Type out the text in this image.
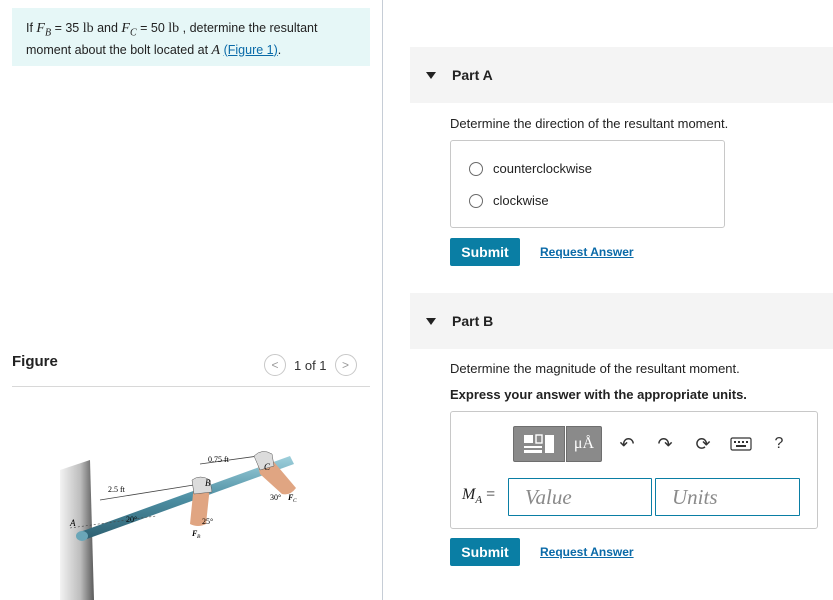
If $F_B = 35$ lb and $F_C = 50$ lb , determine the resultant moment about the bolt located at A (Figure 1).
Figure	< 1 of 1 >
2.5 ft
0.75 ft
20°	25°
30°
A
B
C
F B
F C
Part A
Determine the direction of the resultant moment.
counterclockwise
clockwise
Submit	Request Answer
Part B
Determine the magnitude of the resultant moment.
Express your answer with the appropriate units.
μÅ ↶ ↷ ⟳	?
$M_A$ =
Value
Units
Submit	Request Answer
